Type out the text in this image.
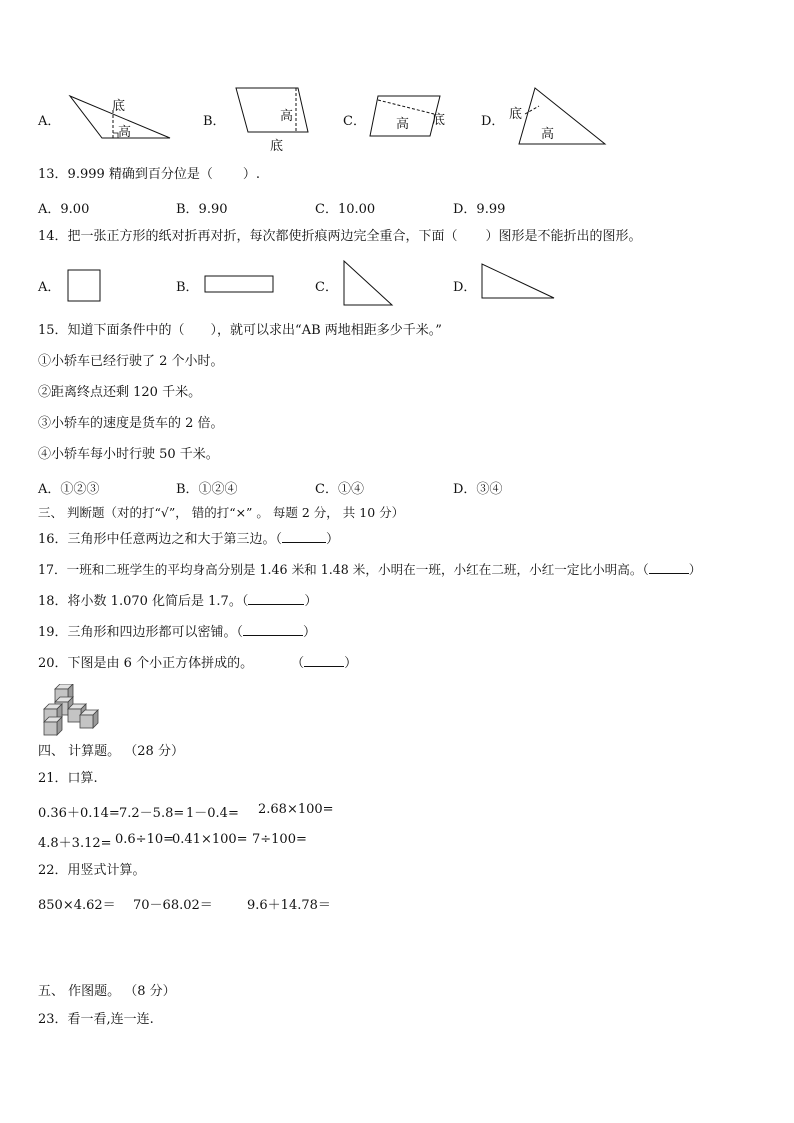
A．
底
高
B．	高
底
C． 高 底	D． 底
高
13．9.999 精确到百分位是（ ）.
A．9.00	B．9.90	C．10.00	D．9.99
14．把一张正方形的纸对折再对折，每次都使折痕两边完全重合，下面（ ）图形是不能折出的图形。
A．	B．	C．	D．
15．知道下面条件中的（　　），就可以求出“AB 两地相距多少千米。”
①小轿车已经行驶了 2 个小时。
②距离终点还剩 120 千米。
③小轿车的速度是货车的 2 倍。
④小轿车每小时行驶 50 千米。
A．①②③	B．①②④	C．①④	D．③④
三、 判断题（对的打“√”， 错的打“×” 。 每题 2 分， 共 10 分）
16．三角形中任意两边之和大于第三边。（	）
17．一班和二班学生的平均身高分别是 1.46 米和 1.48 米，小明在一班，小红在二班，小红一定比小明高。（	）
18．将小数 1.070 化简后是 1.7。（	）
19．三角形和四边形都可以密铺。（	）
20．下图是由 6 个小正方体拼成的。	（	）
四、 计算题。 （28 分）
21．口算.
0.36＋0.14= 7.2－5.8= 1－0.4= 2.68×100=
4.8＋3.12= 0.6÷10=
0.41×100= 7÷100=
22．用竖式计算。
850×4.62＝ 70－68.02＝	9.6＋14.78＝
五、 作图题。 （8 分）
23．看一看,连一连.
